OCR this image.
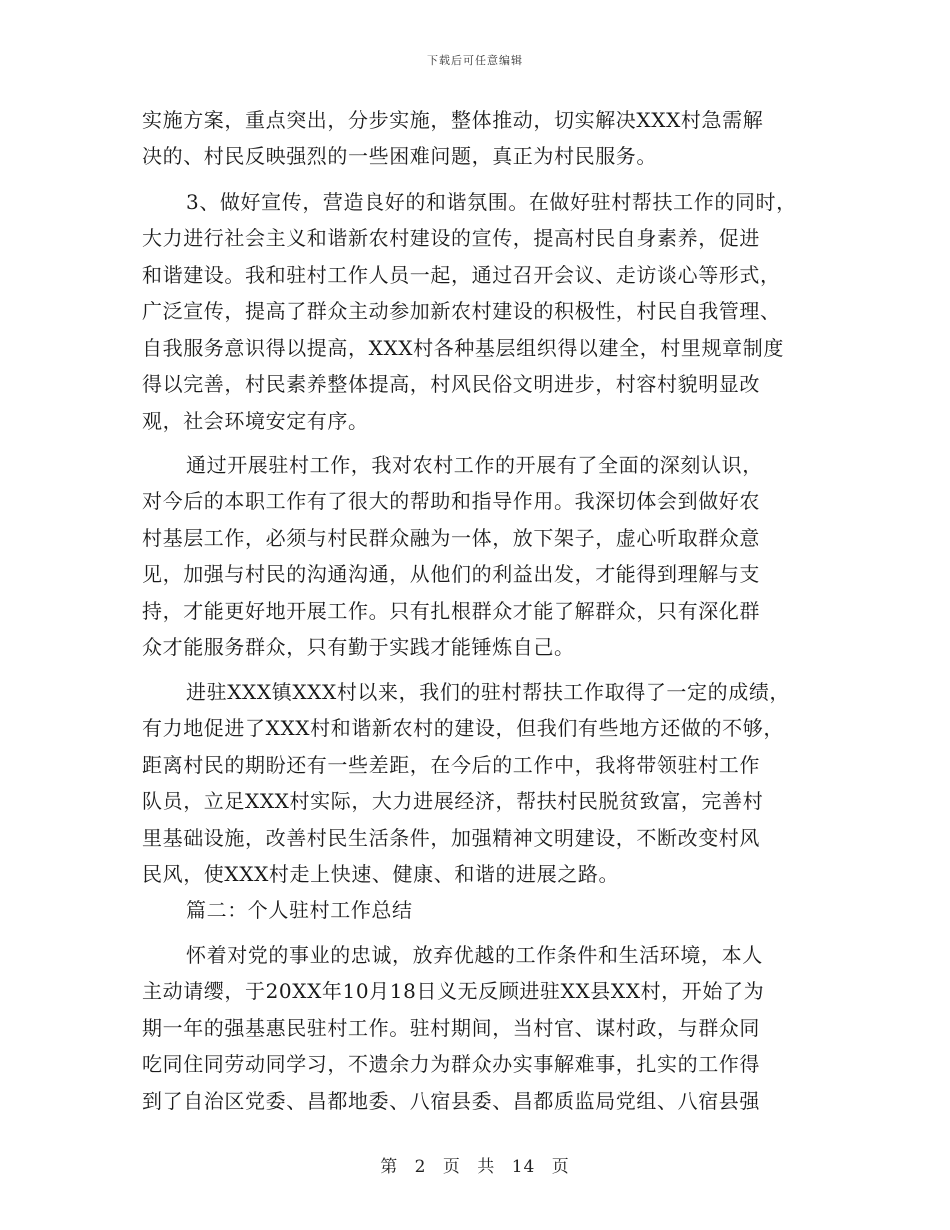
下载后可任意编辑
实施方案，重点突出，分步实施，整体推动，切实解决XXX村急需解
决的、村民反映强烈的一些困难问题，真正为村民服务。
3、做好宣传，营造良好的和谐氛围。在做好驻村帮扶工作的同时，
大力进行社会主义和谐新农村建设的宣传，提高村民自身素养，促进
和谐建设。我和驻村工作人员一起，通过召开会议、走访谈心等形式，
广泛宣传，提高了群众主动参加新农村建设的积极性，村民自我管理、
自我服务意识得以提高，XXX村各种基层组织得以建全，村里规章制度
得以完善，村民素养整体提高，村风民俗文明进步，村容村貌明显改
观，社会环境安定有序。
通过开展驻村工作，我对农村工作的开展有了全面的深刻认识，
对今后的本职工作有了很大的帮助和指导作用。我深切体会到做好农
村基层工作，必须与村民群众融为一体，放下架子，虚心听取群众意
见，加强与村民的沟通沟通，从他们的利益出发，才能得到理解与支
持，才能更好地开展工作。只有扎根群众才能了解群众，只有深化群
众才能服务群众，只有勤于实践才能锤炼自己。
进驻XXX镇XXX村以来，我们的驻村帮扶工作取得了一定的成绩，
有力地促进了XXX村和谐新农村的建设，但我们有些地方还做的不够，
距离村民的期盼还有一些差距，在今后的工作中，我将带领驻村工作
队员，立足XXX村实际，大力进展经济，帮扶村民脱贫致富，完善村
里基础设施，改善村民生活条件，加强精神文明建设，不断改变村风
民风，使XXX村走上快速、健康、和谐的进展之路。
篇二：个人驻村工作总结
怀着对党的事业的忠诚，放弃优越的工作条件和生活环境，本人
主动请缨，于20XX年10月18日义无反顾进驻XX县XX村，开始了为
期一年的强基惠民驻村工作。驻村期间，当村官、谋村政，与群众同
吃同住同劳动同学习，不遗余力为群众办实事解难事，扎实的工作得
到了自治区党委、昌都地委、八宿县委、昌都质监局党组、八宿县强
第 2 页 共 14 页
